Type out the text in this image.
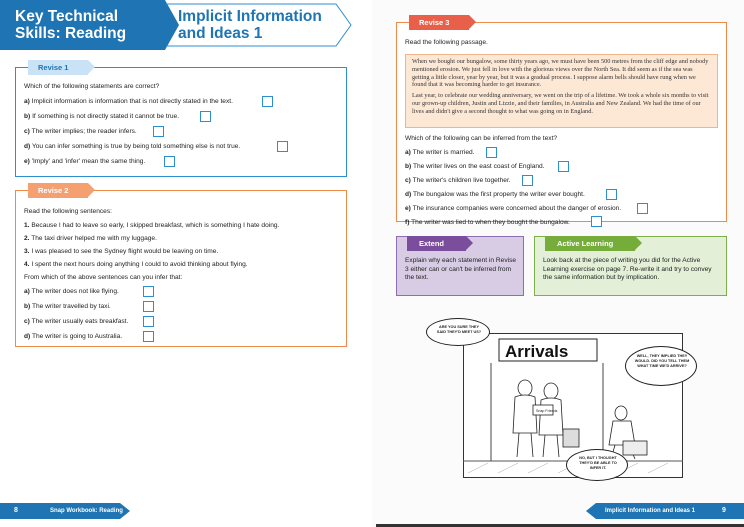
Key Technical Skills: Reading
Implicit Information and Ideas 1
Revise 1
Which of the following statements are correct?
a) Implicit information is information that is not directly stated in the text.
b) If something is not directly stated it cannot be true.
c) The writer implies; the reader infers.
d) You can infer something is true by being told something else is not true.
e) 'Imply' and 'infer' mean the same thing.
Revise 2
Read the following sentences:
1. Because I had to leave so early, I skipped breakfast, which is something I hate doing.
2. The taxi driver helped me with my luggage.
3. I was pleased to see the Sydney flight would be leaving on time.
4. I spent the next hours doing anything I could to avoid thinking about flying.
From which of the above sentences can you infer that:
a) The writer does not like flying.
b) The writer travelled by taxi.
c) The writer usually eats breakfast.
d) The writer is going to Australia.
8	Snap Workbook: Reading
Revise 3
Read the following passage.

When we bought our bungalow, some thirty years ago, we must have been 500 metres from the cliff edge and nobody mentioned erosion. We just fell in love with the glorious views over the North Sea. It did seem as if the sea was getting a little closer, year by year, but it was a gradual process. I suppose alarm bells should have rung when we found that it was becoming harder to get insurance.

Last year, to celebrate our wedding anniversary, we went on the trip of a lifetime. We took a whole six months to visit our grown-up children, Justin and Lizzie, and their families, in Australia and New Zealand. We had the time of our lives and didn't give a second thought to what was going on in England.

Which of the following can be inferred from the text?
a) The writer is married.
b) The writer lives on the east coast of England.
c) The writer's children live together.
d) The bungalow was the first property the writer ever bought.
e) The insurance companies were concerned about the danger of erosion.
f) The writer was lied to when they bought the bungalow.
Extend
Explain why each statement in Revise 3 either can or can't be inferred from the text.
Active Learning
Look back at the piece of writing you did for the Active Learning exercise on page 7. Re-write it and try to convey the same information but by implication.
Arrivals
Snap Friends
ARE YOU SURE THEY SAID THEY'D MEET US?
WELL, THEY IMPLIED THEY WOULD. DID YOU TELL THEM WHAT TIME WE'D ARRIVE?
NO, BUT I THOUGHT THEY'D BE ABLE TO INFER IT.
Implicit Information and Ideas 1	9
